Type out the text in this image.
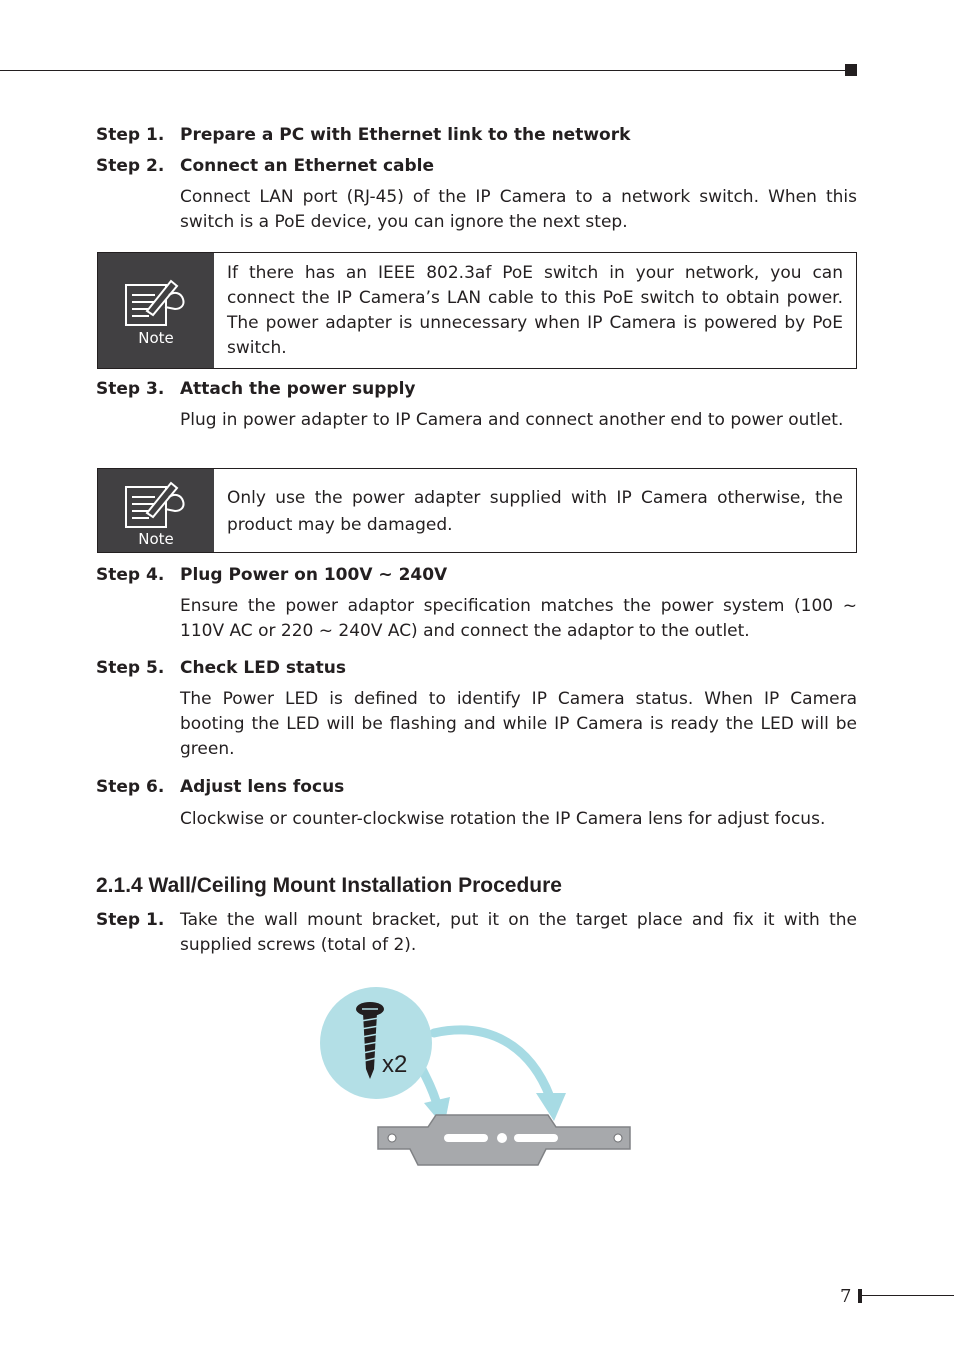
Step 1. Prepare a PC with Ethernet link to the network
Step 2. Connect an Ethernet cable
Connect LAN port (RJ-45) of the IP Camera to a network switch. When this switch is a PoE device, you can ignore the next step.
Note
If there has an IEEE 802.3af PoE switch in your network, you can connect the IP Camera’s LAN cable to this PoE switch to obtain power. The power adapter is unnecessary when IP Camera is powered by PoE switch.
Step 3. Attach the power supply
Plug in power adapter to IP Camera and connect another end to power outlet.
Note
Only use the power adapter supplied with IP Camera otherwise, the product may be damaged.
Step 4. Plug Power on 100V ~ 240V
Ensure the power adaptor specification matches the power system (100 ~ 110V AC or 220 ~ 240V AC) and connect the adaptor to the outlet.
Step 5. Check LED status
The Power LED is defined to identify IP Camera status. When IP Camera booting the LED will be flashing and while IP Camera is ready the LED will be green.
Step 6. Adjust lens focus
Clockwise or counter-clockwise rotation the IP Camera lens for adjust focus.
2.1.4 Wall/Ceiling Mount Installation Procedure
Step 1. Take the wall mount bracket, put it on the target place and fix it with the supplied screws (total of 2).
x2
7
